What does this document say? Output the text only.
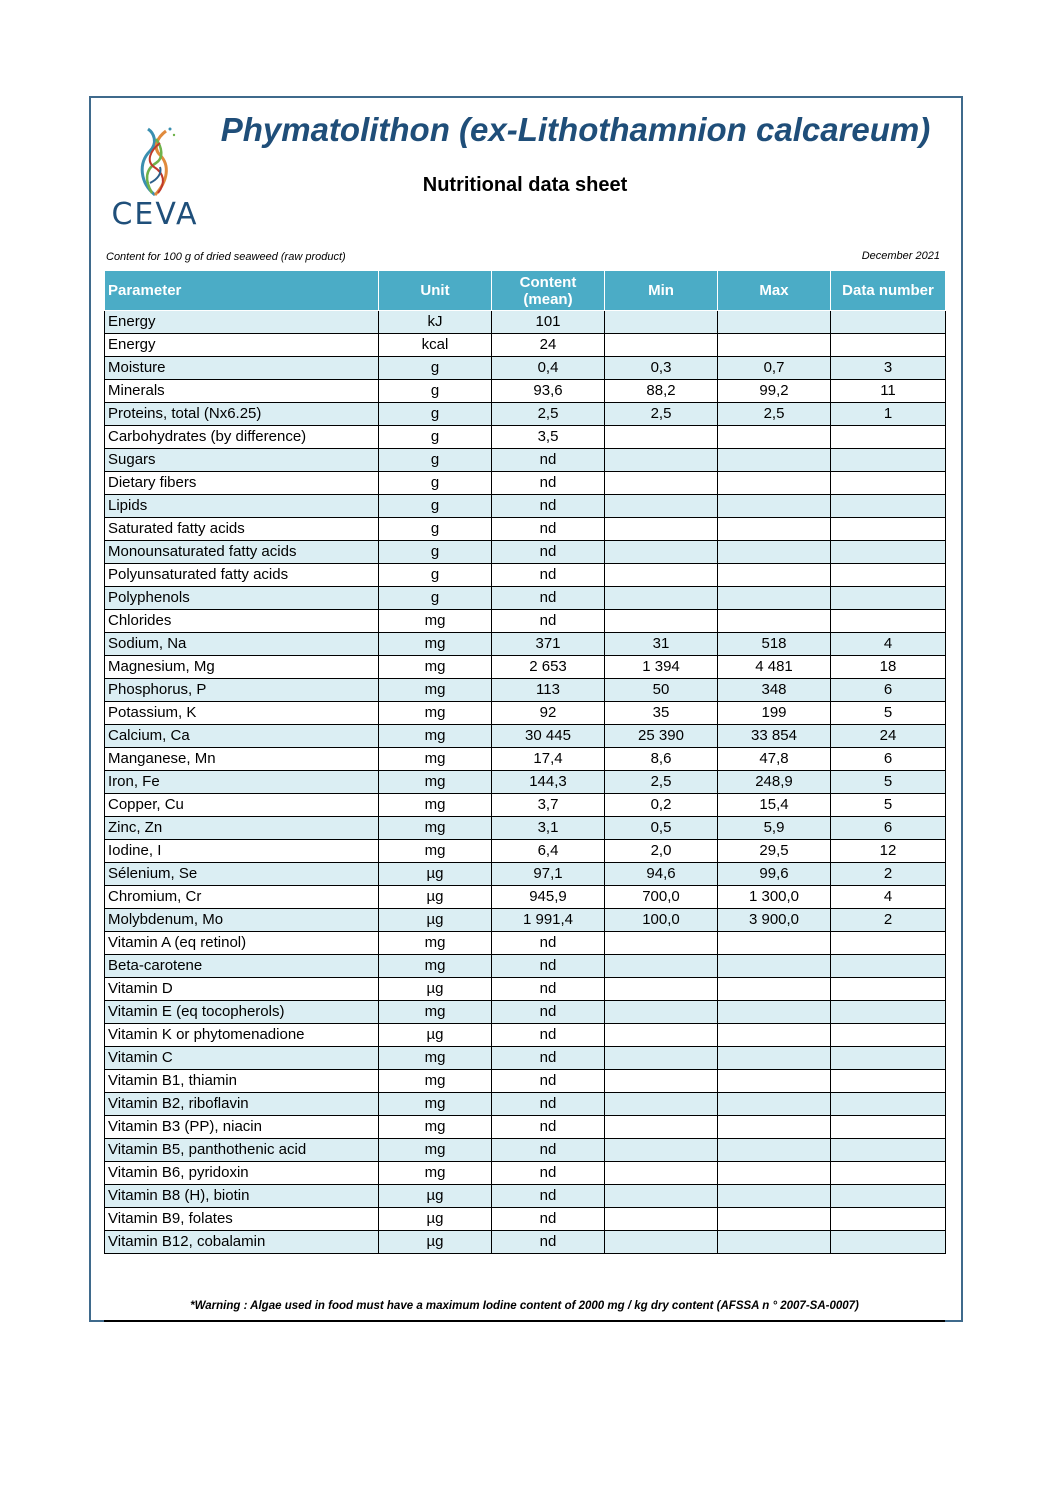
CEVA
Phymatolithon (ex-Lithothamnion calcareum)
Nutritional data sheet
Content for 100 g of dried seaweed (raw product)	December 2021
Parameter	Unit	Content (mean)	Min	Max	Data number
Energy	kJ	101			
Energy	kcal	24			
Moisture	g	0,4	0,3	0,7	3
Minerals	g	93,6	88,2	99,2	11
Proteins, total (Nx6.25)	g	2,5	2,5	2,5	1
Carbohydrates (by difference)	g	3,5			
Sugars	g	nd			
Dietary fibers	g	nd			
Lipids	g	nd			
Saturated fatty acids	g	nd			
Monounsaturated fatty acids	g	nd			
Polyunsaturated fatty acids	g	nd			
Polyphenols	g	nd			
Chlorides	mg	nd			
Sodium, Na	mg	371	31	518	4
Magnesium, Mg	mg	2 653	1 394	4 481	18
Phosphorus, P	mg	113	50	348	6
Potassium, K	mg	92	35	199	5
Calcium, Ca	mg	30 445	25 390	33 854	24
Manganese, Mn	mg	17,4	8,6	47,8	6
Iron, Fe	mg	144,3	2,5	248,9	5
Copper, Cu	mg	3,7	0,2	15,4	5
Zinc, Zn	mg	3,1	0,5	5,9	6
Iodine, I	mg	6,4	2,0	29,5	12
Sélenium, Se	µg	97,1	94,6	99,6	2
Chromium, Cr	µg	945,9	700,0	1 300,0	4
Molybdenum, Mo	µg	1 991,4	100,0	3 900,0	2
Vitamin A (eq retinol)	mg	nd			
Beta-carotene	mg	nd			
Vitamin D	µg	nd			
Vitamin E (eq tocopherols)	mg	nd			
Vitamin K or phytomenadione	µg	nd			
Vitamin C	mg	nd			
Vitamin B1, thiamin	mg	nd			
Vitamin B2, riboflavin	mg	nd			
Vitamin B3 (PP), niacin	mg	nd			
Vitamin B5, panthothenic acid	mg	nd			
Vitamin B6, pyridoxin	mg	nd			
Vitamin B8 (H), biotin	µg	nd			
Vitamin B9, folates	µg	nd			
Vitamin B12, cobalamin	µg	nd			
*Warning : Algae used in food must have a maximum Iodine content of 2000 mg / kg dry content (AFSSA n ° 2007-SA-0007)
